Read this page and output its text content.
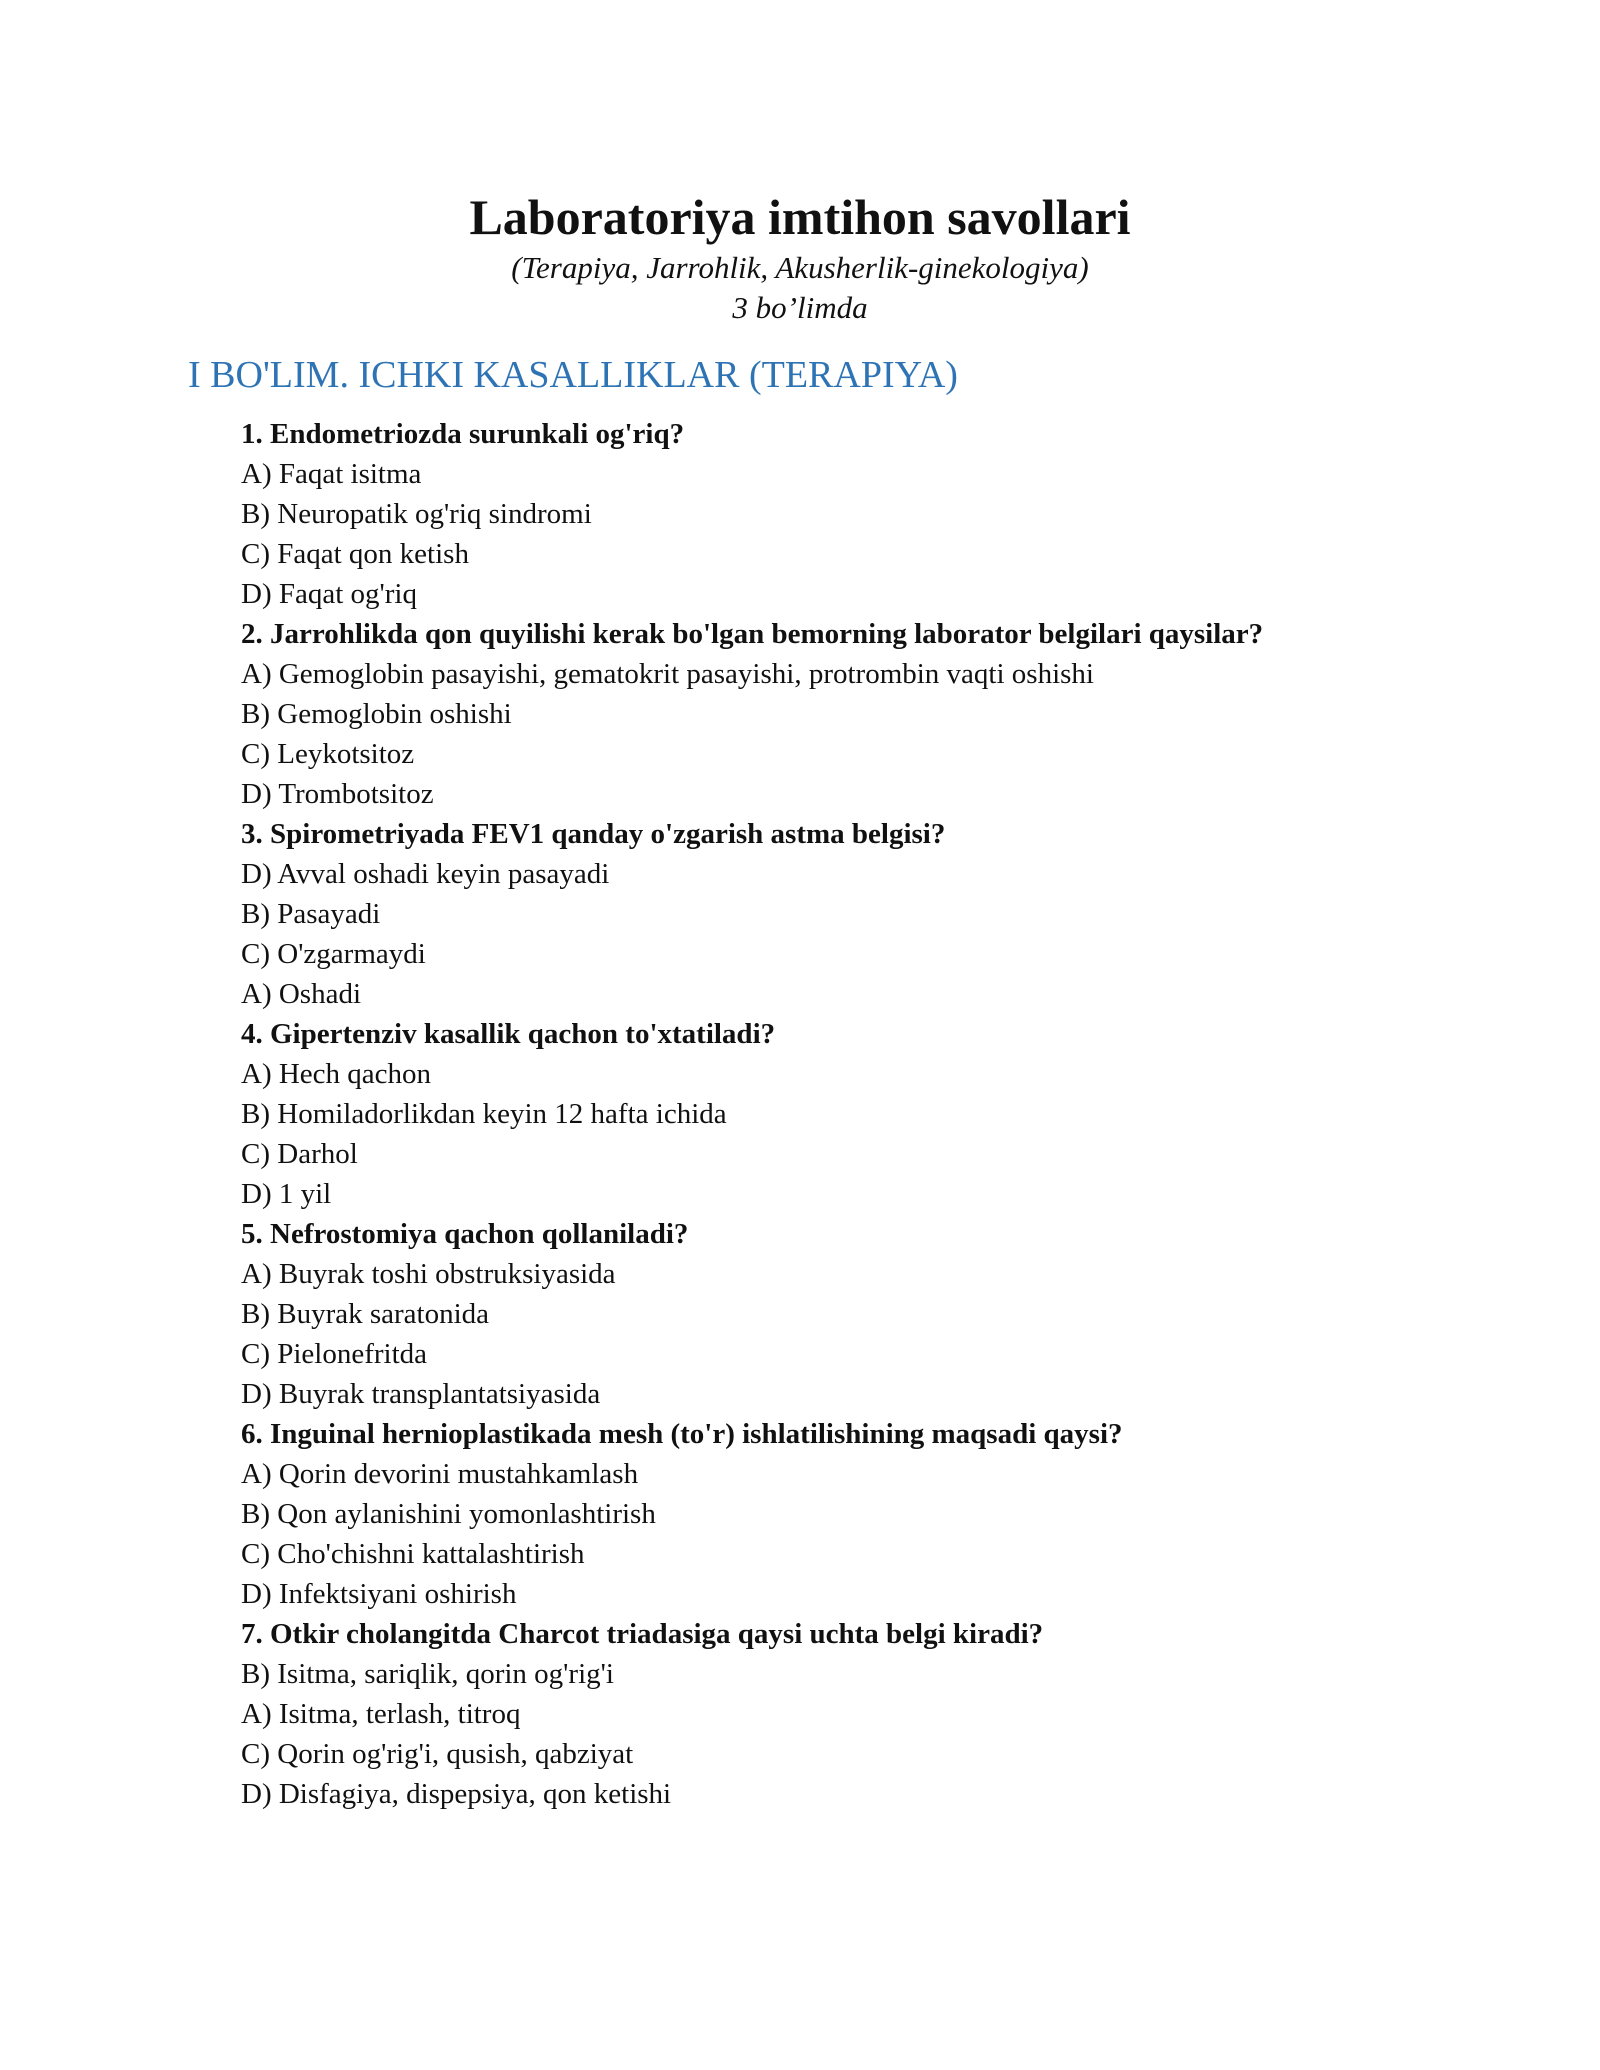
Laboratoriya imtihon savollari
(Terapiya, Jarrohlik, Akusherlik-ginekologiya)
3 bo’limda
I BO'LIM. ICHKI KASALLIKLAR (TERAPIYA)
1. Endometriozda surunkali og'riq?
A) Faqat isitma
B) Neuropatik og'riq sindromi
C) Faqat qon ketish
D) Faqat og'riq
2. Jarrohlikda qon quyilishi kerak bo'lgan bemorning laborator belgilari qaysilar?
A) Gemoglobin pasayishi, gematokrit pasayishi, protrombin vaqti oshishi
B) Gemoglobin oshishi
C) Leykotsitoz
D) Trombotsitoz
3. Spirometriyada FEV1 qanday o'zgarish astma belgisi?
D) Avval oshadi keyin pasayadi
B) Pasayadi
C) O'zgarmaydi
A) Oshadi
4. Gipertenziv kasallik qachon to'xtatiladi?
A) Hech qachon
B) Homiladorlikdan keyin 12 hafta ichida
C) Darhol
D) 1 yil
5. Nefrostomiya qachon qollaniladi?
A) Buyrak toshi obstruksiyasida
B) Buyrak saratonida
C) Pielonefritda
D) Buyrak transplantatsiyasida
6. Inguinal hernioplastikada mesh (to'r) ishlatilishining maqsadi qaysi?
A) Qorin devorini mustahkamlash
B) Qon aylanishini yomonlashtirish
C) Cho'chishni kattalashtirish
D) Infektsiyani oshirish
7. Otkir cholangitda Charcot triadasiga qaysi uchta belgi kiradi?
B) Isitma, sariqlik, qorin og'rig'i
A) Isitma, terlash, titroq
C) Qorin og'rig'i, qusish, qabziyat
D) Disfagiya, dispepsiya, qon ketishi
